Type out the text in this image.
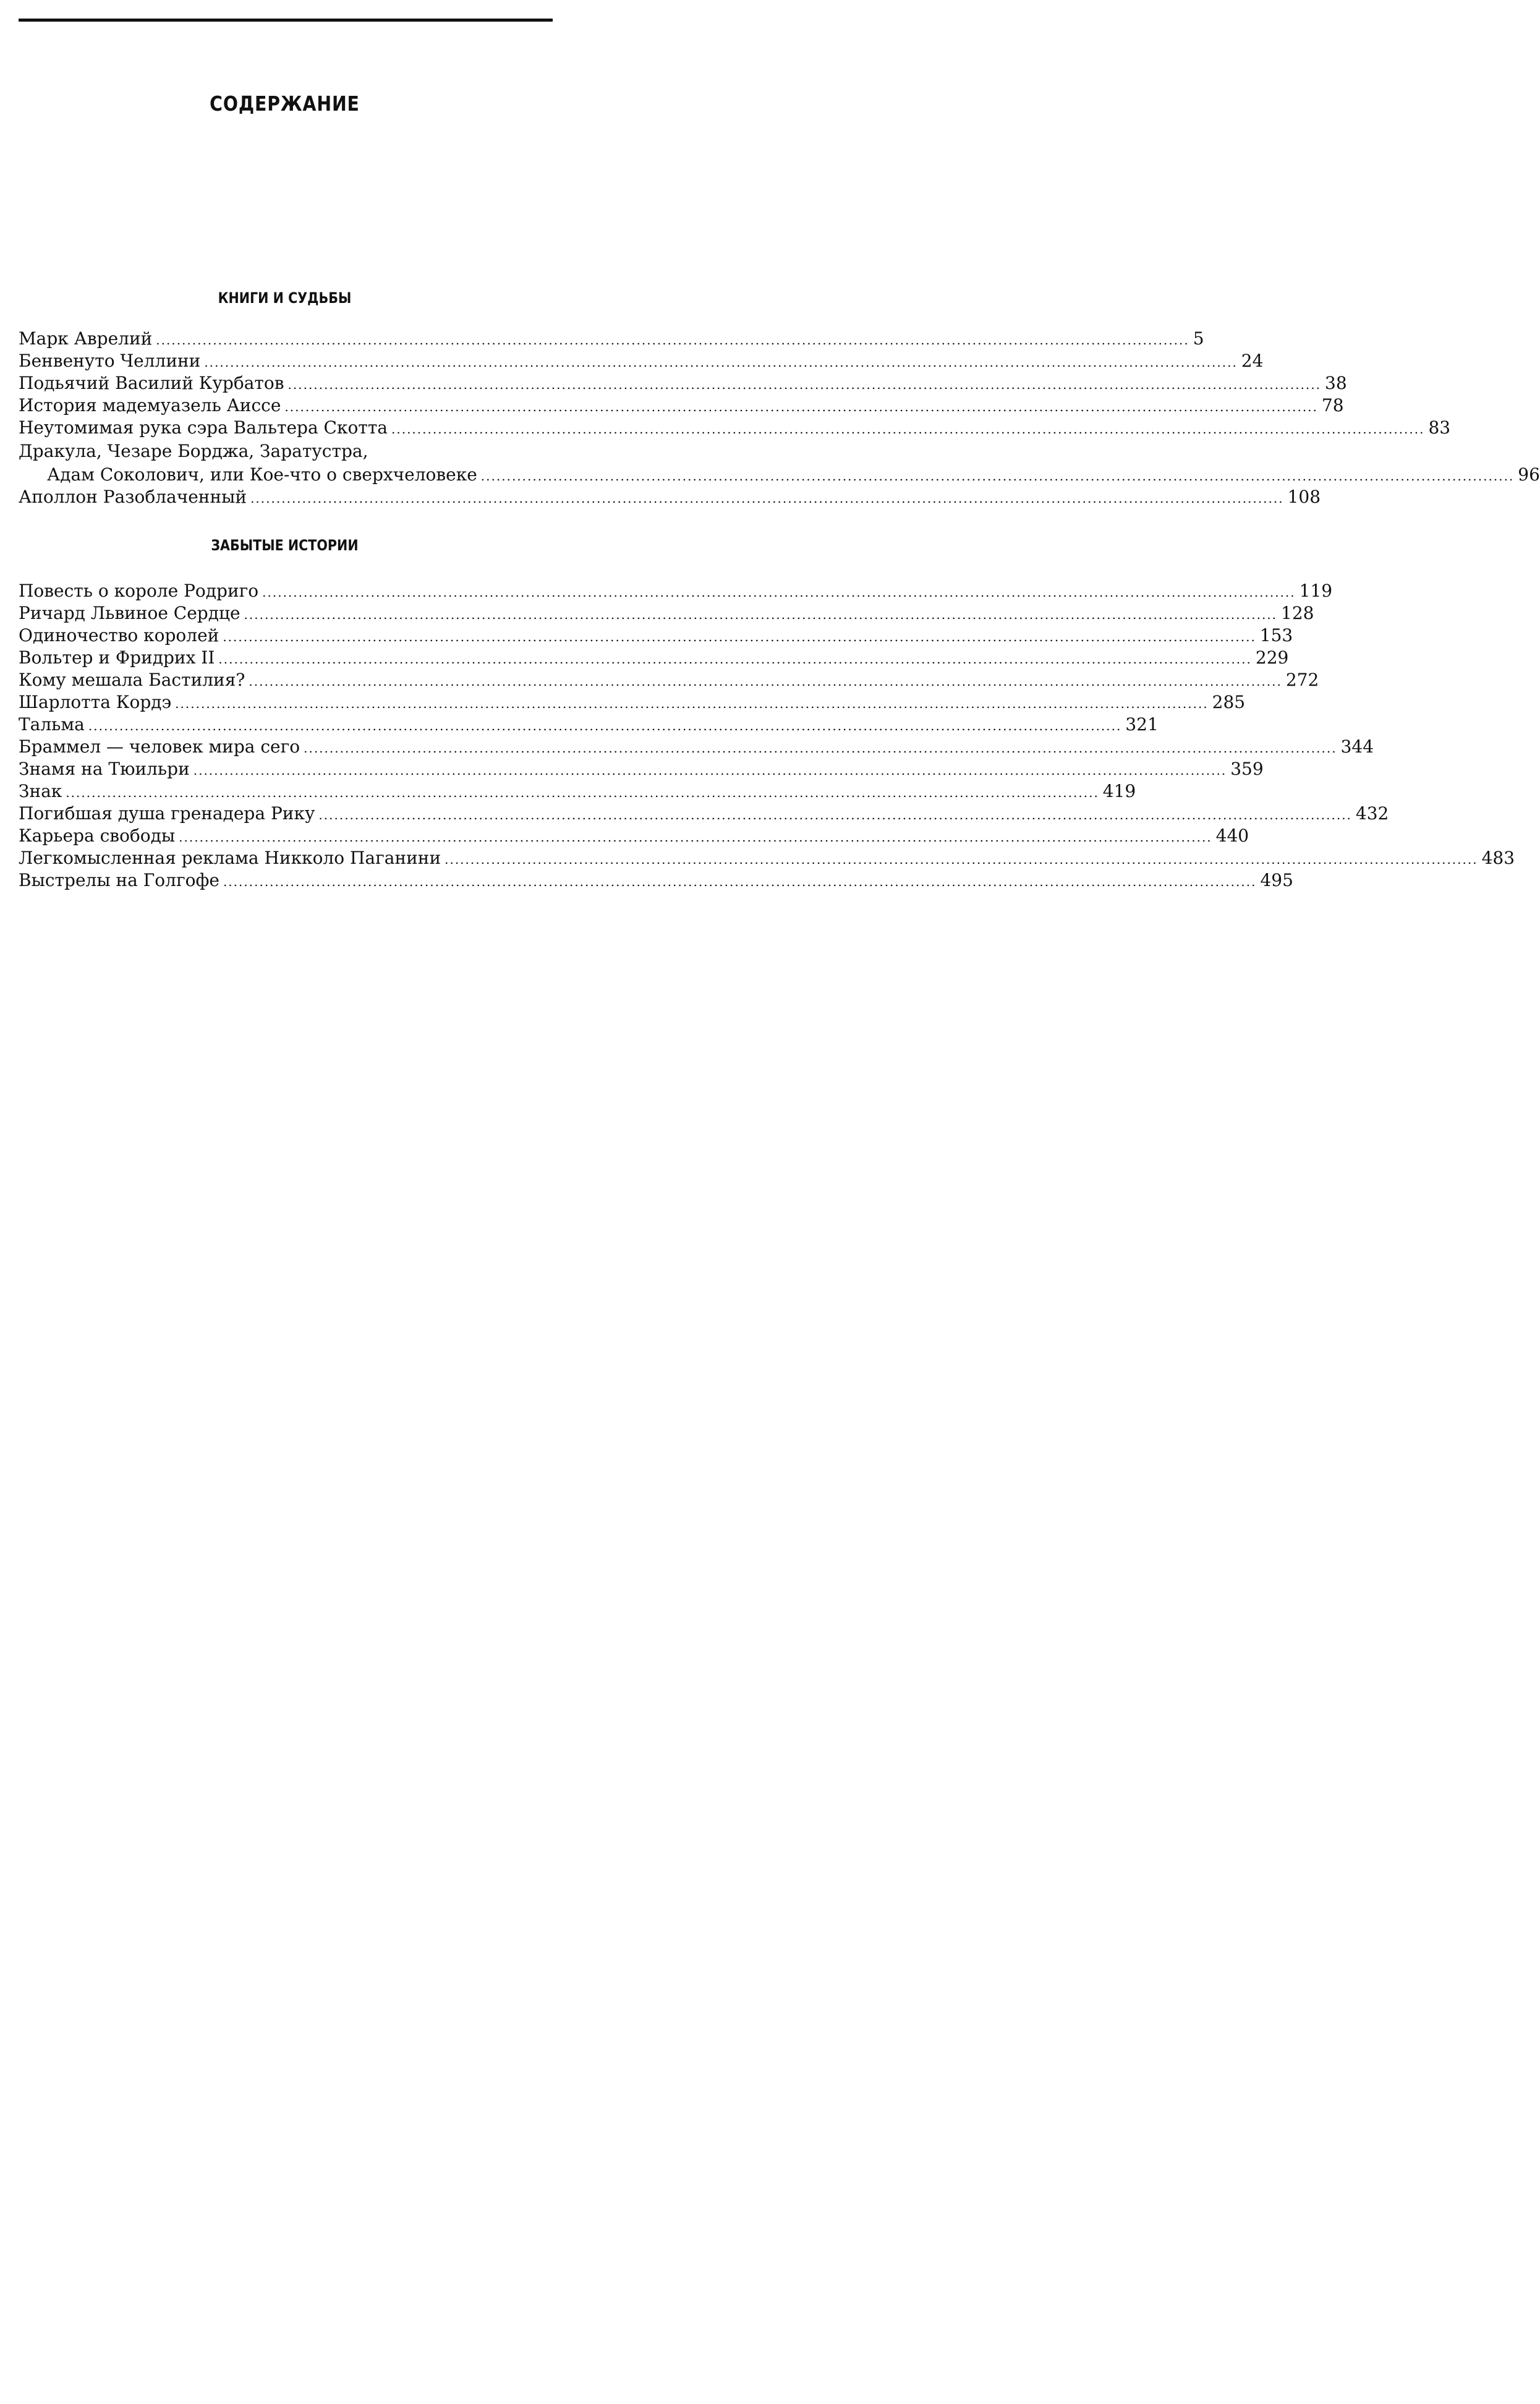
СОДЕРЖАНИЕ
КНИГИ И СУДЬБЫ
Марк Аврелий ........................................................................................................................................................................................................ 5
Бенвенуто Челлини ........................................................................................................................................................................................................ 24
Подьячий Василий Курбатов ........................................................................................................................................................................................................ 38
История мадемуазель Аиссе ........................................................................................................................................................................................................ 78
Неутомимая рука сэра Вальтера Скотта ........................................................................................................................................................................................................ 83
Дракула, Чезаре Борджа, Заратустра,
Адам Соколович, или Кое-что о сверхчеловеке ........................................................................................................................................................................................................ 96
Аполлон Разоблаченный ........................................................................................................................................................................................................ 108
ЗАБЫТЫЕ ИСТОРИИ
Повесть о короле Родриго ........................................................................................................................................................................................................ 119
Ричард Львиное Сердце ........................................................................................................................................................................................................ 128
Одиночество королей ........................................................................................................................................................................................................ 153
Вольтер и Фридрих II ........................................................................................................................................................................................................ 229
Кому мешала Бастилия? ........................................................................................................................................................................................................ 272
Шарлотта Кордэ ........................................................................................................................................................................................................ 285
Тальма ........................................................................................................................................................................................................ 321
Браммел — человек мира сего ........................................................................................................................................................................................................ 344
Знамя на Тюильри ........................................................................................................................................................................................................ 359
Знак ........................................................................................................................................................................................................ 419
Погибшая душа гренадера Рику ........................................................................................................................................................................................................ 432
Карьера свободы ........................................................................................................................................................................................................ 440
Легкомысленная реклама Никколо Паганини ........................................................................................................................................................................................................ 483
Выстрелы на Голгофе ........................................................................................................................................................................................................ 495
